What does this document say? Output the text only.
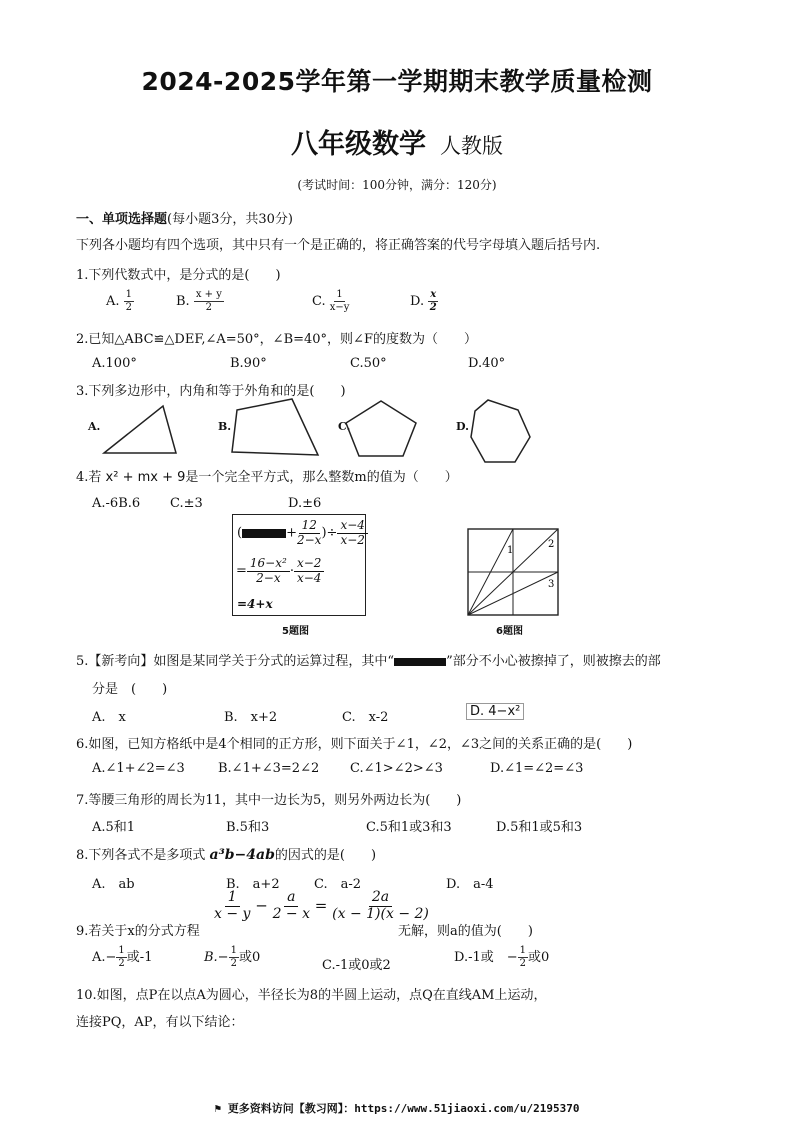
2024-2025学年第一学期期末教学质量检测
八年级数学 人教版
(考试时间：100分钟，满分：120分)
一、单项选择题(每小题3分，共30分)
下列各小题均有四个选项，其中只有一个是正确的，将正确答案的代号字母填入题后括号内.
1.下列代数式中，是分式的是(　　)
A. $\frac{1}{2}$	B. $\frac{x + y}{2}$	C. $\frac{1}{x-y}$	D. $\frac{x}{2}$
2.已知△ABC≌△DEF,∠A=50°，∠B=40°，则∠F的度数为（　　）
A.100°	B.90°	C.50°	D.40°
3.下列多边形中，内角和等于外角和的是(　　)
A.	B.	C.	D.
4.若 x² + mx + 9是一个完全平方式，那么整数m的值为（　　）
A.-6B.6 C.±3	D.±6
(	+ $\frac{12}{2-x}$ )÷ $\frac{x-4}{x-2}$
= $\frac{\text{16−x²}}{2-x} \cdot \frac{x-2}{x-4}$
=4+x
5题图
1
2
3
6题图
5.【新考向】如图是某同学关于分式的运算过程，其中“	”部分不小心被擦掉了，则被擦去的部
分是　(　　)
A.　x	B.　x+2	C.　x-2	D. 4−x²
6.如图，已知方格纸中是4个相同的正方形，则下面关于∠1，∠2，∠3之间的关系正确的是(　　)
A.∠1+∠2=∠3	B.∠1+∠3=2∠2 C.∠1>∠2>∠3	D.∠1=∠2=∠3
7.等腰三角形的周长为11，其中一边长为5，则另外两边长为(　　)
A.5和1	B.5和3	C.5和1或3和3	D.5和1或5和3
8.下列各式不是多项式 a³b−4ab的因式的是(　　)
A.　ab	B.　a+2	C.　a-2	D.　a-4
9.若关于x的分式方程
$\frac{1}{x - y} - \frac{a}{2 - x} = \frac{2a}{(x - 1)(x - 2)}$
无解，则a的值为(　　)
$A.- \frac{1}{2}$ 或-1	$B.- \frac{1}{2}$ 或0
C.-1或0或2
D.-1或　− $\frac{1}{2}$ 或0
10.如图，点P在以点A为圆心，半径长为8的半圆上运动，点Q在直线AM上运动，
连接PQ，AP，有以下结论：
⚑ 更多资料访问【教习网】：https://www.51jiaoxi.com/u/2195370
